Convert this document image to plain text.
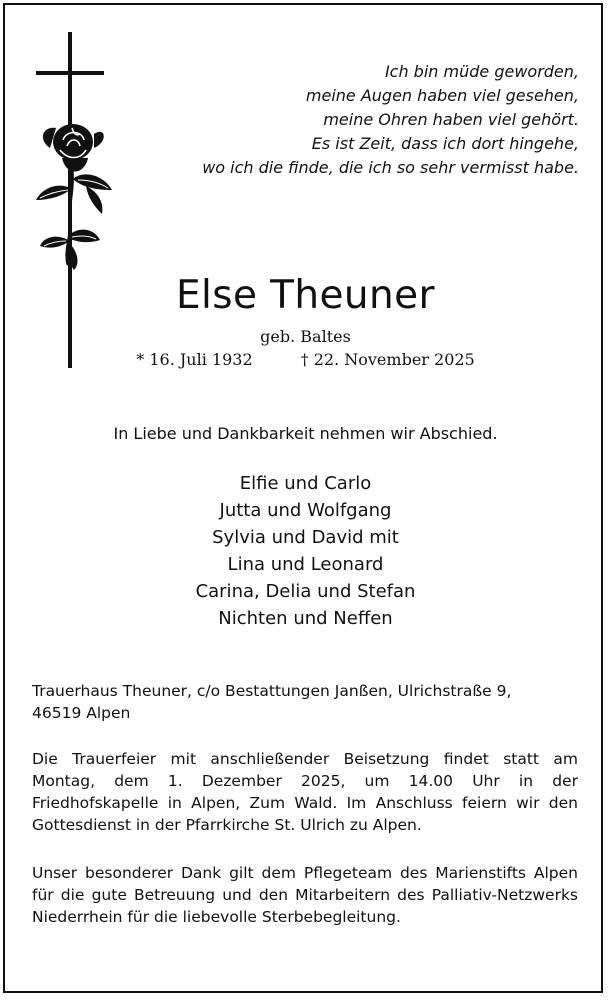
Ich bin müde geworden,
meine Augen haben viel gesehen,
meine Ohren haben viel gehört.
Es ist Zeit, dass ich dort hingehe,
wo ich die finde, die ich so sehr vermisst habe.
Else Theuner
geb. Baltes
* 16. Juli 1932	† 22. November 2025
In Liebe und Dankbarkeit nehmen wir Abschied.
Elfie und Carlo
Jutta und Wolfgang
Sylvia und David mit
Lina und Leonard
Carina, Delia und Stefan
Nichten und Neffen
Trauerhaus Theuner, c/o Bestattungen Janßen, Ulrichstraße 9,
46519 Alpen
Die Trauerfeier mit anschließender Beisetzung findet statt am Montag, dem 1. Dezember 2025, um 14.00 Uhr in der Friedhofskapelle in Alpen, Zum Wald. Im Anschluss feiern wir den Gottesdienst in der Pfarrkirche St. Ulrich zu Alpen.
Unser besonderer Dank gilt dem Pflegeteam des Marienstifts Alpen für die gute Betreuung und den Mitarbeitern des Palliativ-Netzwerks Niederrhein für die liebevolle Sterbebegleitung.
